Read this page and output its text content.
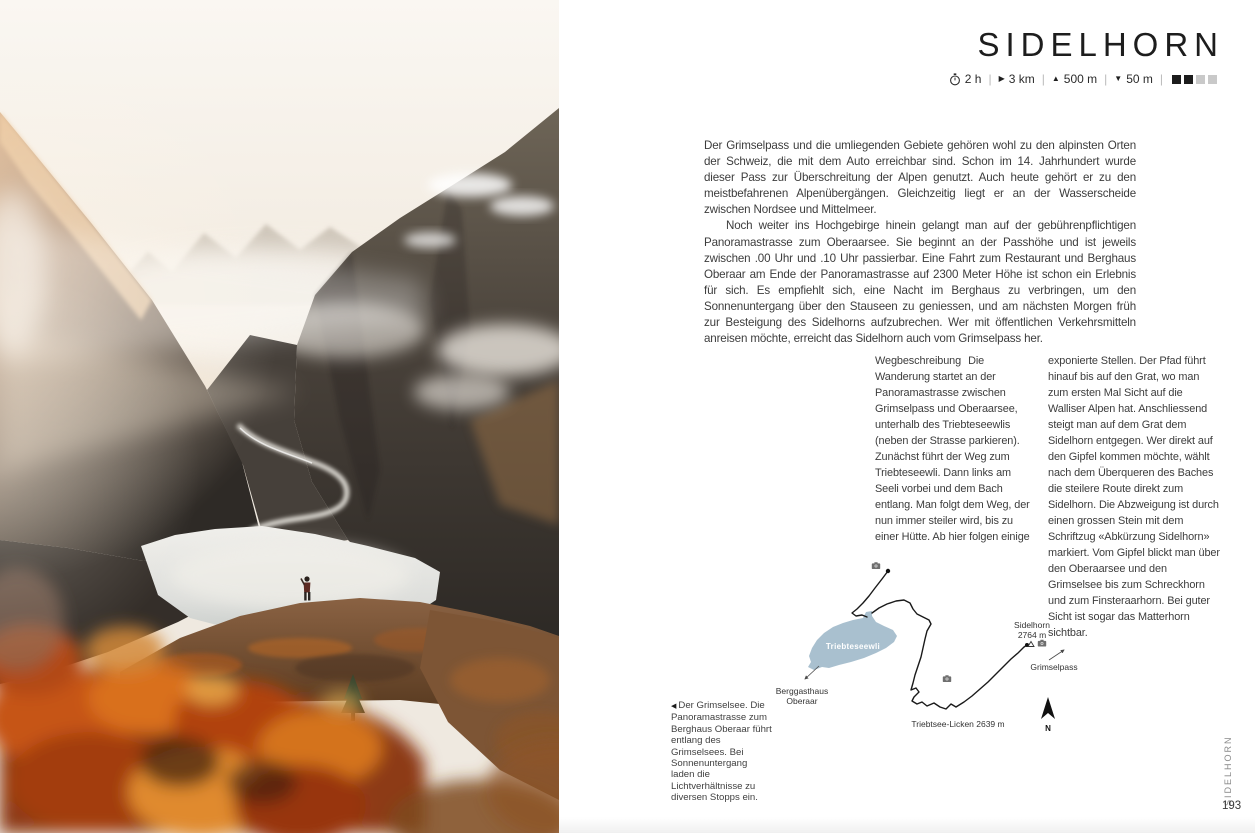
SIDELHORN
2 h | ▶ 3 km | ▲ 500 m | ▼ 50 m |

Der Grimselpass und die umliegenden Gebiete gehören wohl zu den alpinsten Orten der Schweiz, die mit dem Auto erreichbar sind. Schon im 14. Jahrhundert wurde dieser Pass zur Überschreitung der Alpen genutzt. Auch heute gehört er zu den meistbefahrenen Alpenübergängen. Gleichzeitig liegt er an der Wasserscheide zwischen Nordsee und Mittelmeer.

Noch weiter ins Hochgebirge hinein gelangt man auf der gebührenpflichtigen Panoramastrasse zum Oberaarsee. Sie beginnt an der Passhöhe und ist jeweils zwischen .00 Uhr und .10 Uhr passierbar. Eine Fahrt zum Restaurant und Berghaus Oberaar am Ende der Panoramastrasse auf 2300 Meter Höhe ist schon ein Erlebnis für sich. Es empfiehlt sich, eine Nacht im Berghaus zu verbringen, um den Sonnenuntergang über den Stauseen zu geniessen, und am nächsten Morgen früh zur Besteigung des Sidelhorns aufzubrechen. Wer mit öffentlichen Verkehrsmitteln anreisen möchte, erreicht das Sidelhorn auch vom Grimselpass her.

Wegbeschreibung Die Wanderung startet an der Panoramastrasse zwischen Grimselpass und Oberaarsee, unterhalb des Triebteseewlis (neben der Strasse parkieren). Zunächst führt der Weg zum Triebteseewli. Dann links am Seeli vorbei und dem Bach entlang. Man folgt dem Weg, der nun immer steiler wird, bis zu einer Hütte. Ab hier folgen einige
exponierte Stellen. Der Pfad führt hinauf bis auf den Grat, wo man zum ersten Mal Sicht auf die Walliser Alpen hat. Anschliessend steigt man auf dem Grat dem Sidelhorn entgegen. Wer direkt auf den Gipfel kommen möchte, wählt nach dem Überqueren des Baches die steilere Route direkt zum Sidelhorn. Die Abzweigung ist durch einen grossen Stein mit dem Schriftzug «Abkürzung Sidelhorn» markiert. Vom Gipfel blickt man über den Oberaarsee und den Grimselsee bis zum Schreckhorn und zum Finsteraarhorn. Bei guter Sicht ist sogar das Matterhorn sichtbar.
Triebteseewli
Sidelhorn
2764 m
Grimselpass
Triebtsee-Licken 2639 m
Berggasthaus
Oberaar
N
◀ Der Grimselsee. Die Panoramastrasse zum Berghaus Oberaar führt entlang des Grimselsees. Bei Sonnenuntergang laden die Lichtverhältnisse zu diversen Stopps ein.	SIDELHORN
193
